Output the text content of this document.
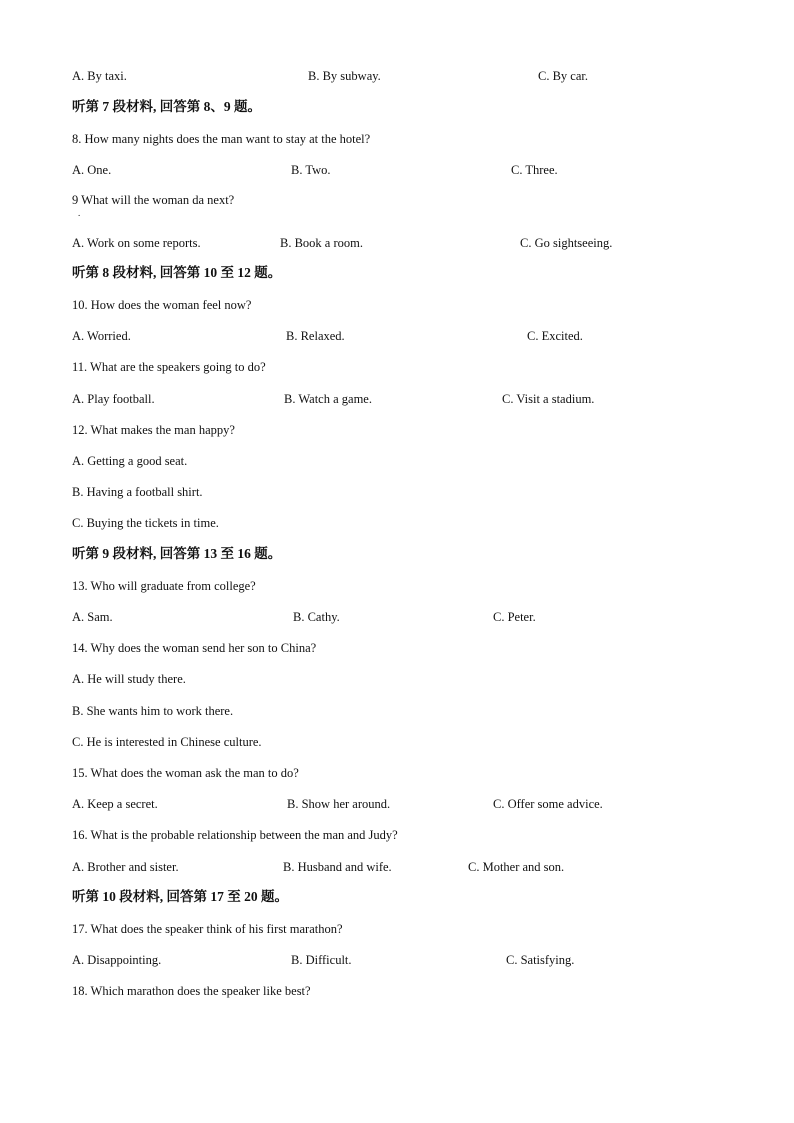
A. By taxi.	B. By subway.	C. By car.
听第 7 段材料, 回答第 8、9 题。
8. How many nights does the man want to stay at the hotel?
A. One.	B. Two.	C. Three.
9 What will the woman da next?
.
A. Work on some reports.	B. Book a room.	C. Go sightseeing.
听第 8 段材料, 回答第 10 至 12 题。
10. How does the woman feel now?
A. Worried.	B. Relaxed.	C. Excited.
11. What are the speakers going to do?
A. Play football.	B. Watch a game.	C. Visit a stadium.
12. What makes the man happy?
A. Getting a good seat.
B. Having a football shirt.
C. Buying the tickets in time.
听第 9 段材料, 回答第 13 至 16 题。
13. Who will graduate from college?
A. Sam.	B. Cathy.	C. Peter.
14. Why does the woman send her son to China?
A. He will study there.
B. She wants him to work there.
C. He is interested in Chinese culture.
15. What does the woman ask the man to do?
A. Keep a secret.	B. Show her around.	C. Offer some advice.
16. What is the probable relationship between the man and Judy?
A. Brother and sister.	B. Husband and wife.	C. Mother and son.
听第 10 段材料, 回答第 17 至 20 题。
17. What does the speaker think of his first marathon?
A. Disappointing.	B. Difficult.	C. Satisfying.
18. Which marathon does the speaker like best?
